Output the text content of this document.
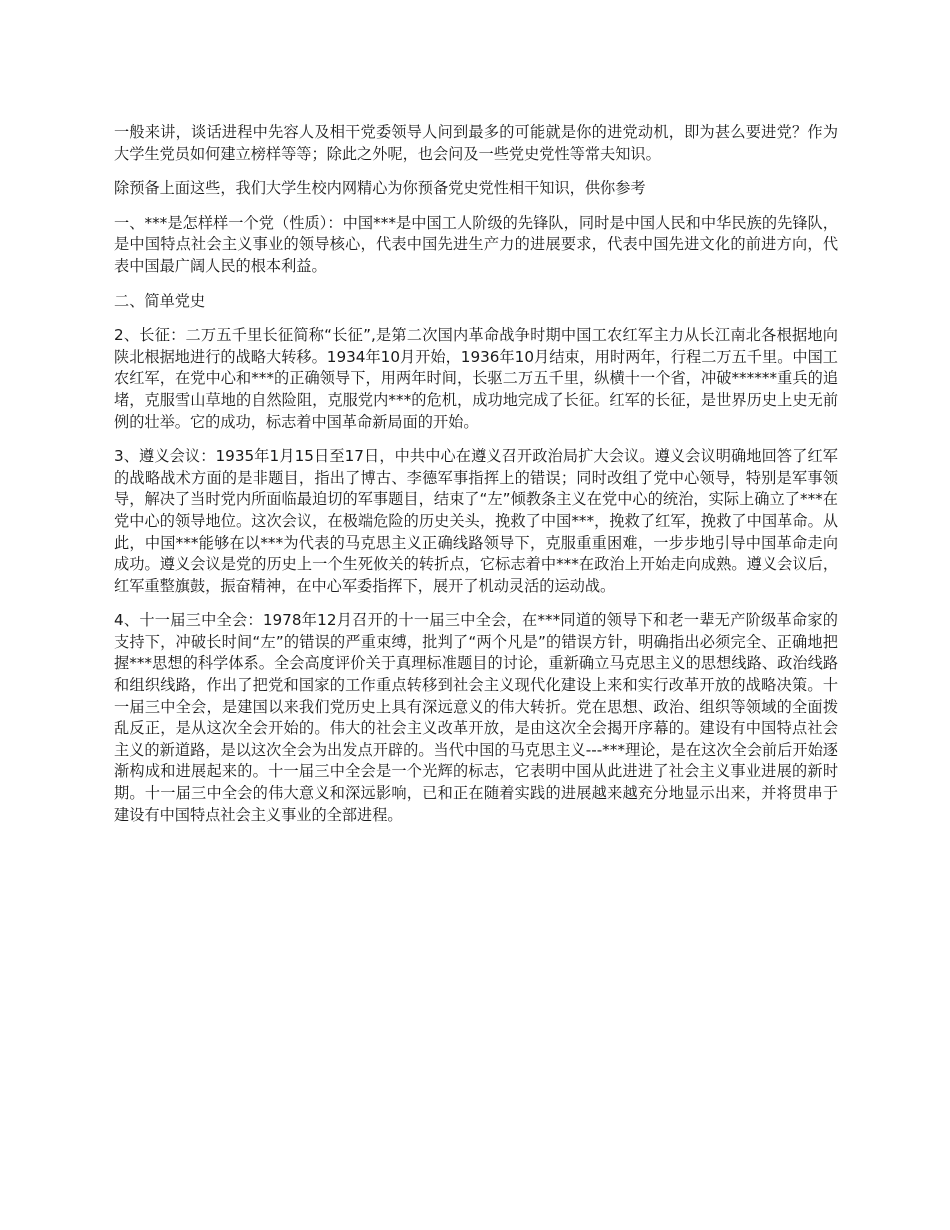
一般来讲，谈话进程中先容人及相干党委领导人问到最多的可能就是你的进党动机，即为甚么要进党？作为大学生党员如何建立榜样等等；除此之外呢，也会问及一些党史党性等常夫知识。

除预备上面这些，我们大学生校内网精心为你预备党史党性相干知识，供你参考

一、***是怎样样一个党（性质）：中国***是中国工人阶级的先锋队，同时是中国人民和中华民族的先锋队，是中国特点社会主义事业的领导核心，代表中国先进生产力的进展要求，代表中国先进文化的前进方向，代表中国最广阔人民的根本利益。

二、简单党史

2、长征：二万五千里长征简称“长征”,是第二次国内革命战争时期中国工农红军主力从长江南北各根据地向陕北根据地进行的战略大转移。1934年10月开始，1936年10月结束，用时两年，行程二万五千里。中国工农红军，在党中心和***的正确领导下，用两年时间，长驱二万五千里，纵横十一个省，冲破******重兵的追堵，克服雪山草地的自然险阻，克服党内***的危机，成功地完成了长征。红军的长征，是世界历史上史无前例的壮举。它的成功，标志着中国革命新局面的开始。

3、遵义会议：1935年1月15日至17日，中共中心在遵义召开政治局扩大会议。遵义会议明确地回答了红军的战略战术方面的是非题目，指出了博古、李德军事指挥上的错误；同时改组了党中心领导，特别是军事领导，解决了当时党内所面临最迫切的军事题目，结束了“左”倾教条主义在党中心的统治，实际上确立了***在党中心的领导地位。这次会议，在极端危险的历史关头，挽救了中国***，挽救了红军，挽救了中国革命。从此，中国***能够在以***为代表的马克思主义正确线路领导下，克服重重困难，一步步地引导中国革命走向成功。遵义会议是党的历史上一个生死攸关的转折点，它标志着中***在政治上开始走向成熟。遵义会议后，红军重整旗鼓，振奋精神，在中心军委指挥下，展开了机动灵活的运动战。

4、十一届三中全会：1978年12月召开的十一届三中全会，在***同道的领导下和老一辈无产阶级革命家的支持下，冲破长时间“左”的错误的严重束缚，批判了“两个凡是”的错误方针，明确指出必须完全、正确地把握***思想的科学体系。全会高度评价关于真理标准题目的讨论，重新确立马克思主义的思想线路、政治线路和组织线路，作出了把党和国家的工作重点转移到社会主义现代化建设上来和实行改革开放的战略决策。十一届三中全会，是建国以来我们党历史上具有深远意义的伟大转折。党在思想、政治、组织等领域的全面拨乱反正，是从这次全会开始的。伟大的社会主义改革开放，是由这次全会揭开序幕的。建设有中国特点社会主义的新道路，是以这次全会为出发点开辟的。当代中国的马克思主义---***理论，是在这次全会前后开始逐渐构成和进展起来的。十一届三中全会是一个光辉的标志，它表明中国从此进进了社会主义事业进展的新时期。十一届三中全会的伟大意义和深远影响，已和正在随着实践的进展越来越充分地显示出来，并将贯串于建设有中国特点社会主义事业的全部进程。
